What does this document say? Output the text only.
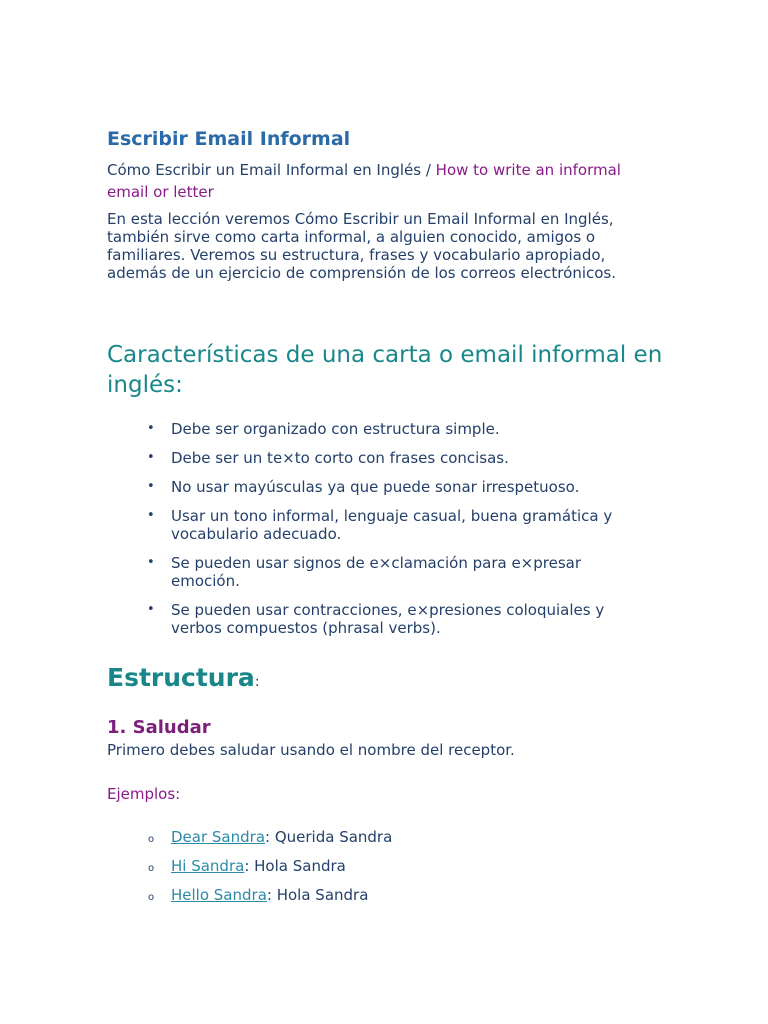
Escribir Email Informal
Cómo Escribir un Email Informal en Inglés / How to write an informal email or letter
En esta lección veremos Cómo Escribir un Email Informal en Inglés, también sirve como carta informal, a alguien conocido, amigos o familiares. Veremos su estructura, frases y vocabulario apropiado, además de un ejercicio de comprensión de los correos electrónicos.
Características de una carta o email informal en inglés:
• Debe ser organizado con estructura simple.
• Debe ser un te×to corto con frases concisas.
• No usar mayúsculas ya que puede sonar irrespetuoso.
• Usar un tono informal, lenguaje casual, buena gramática y vocabulario adecuado.
• Se pueden usar signos de e×clamación para e×presar emoción.
• Se pueden usar contracciones, e×presiones coloquiales y verbos compuestos (phrasal verbs).
Estructura:
1. Saludar
Primero debes saludar usando el nombre del receptor.
Ejemplos:
o Dear Sandra: Querida Sandra
o Hi Sandra: Hola Sandra
o Hello Sandra: Hola Sandra
